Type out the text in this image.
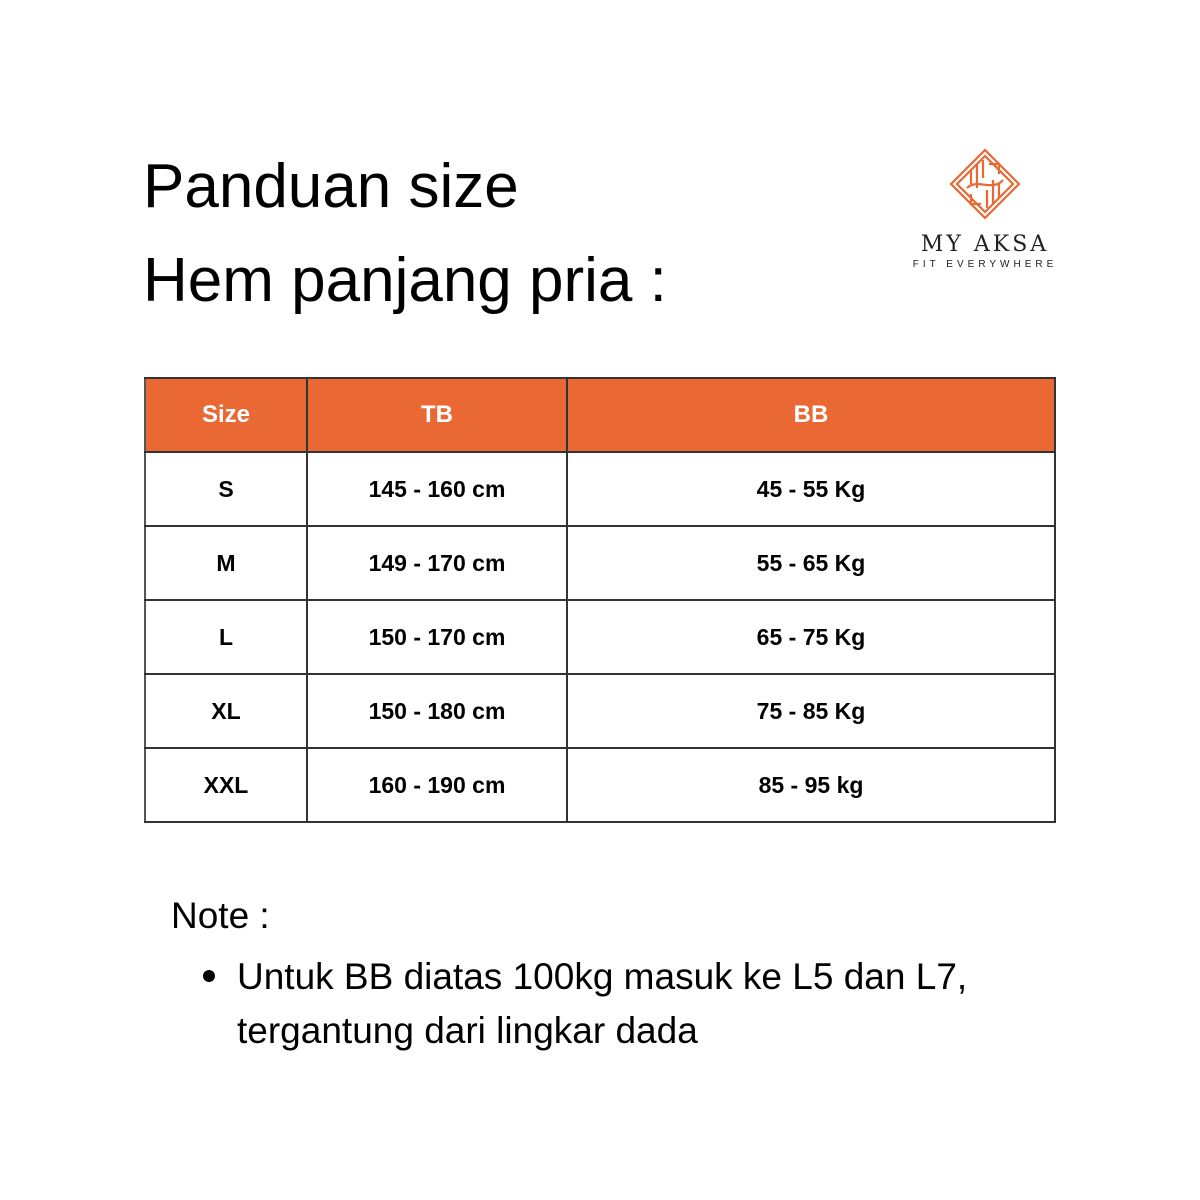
Panduan size
Hem panjang pria :
MY AKSA
FIT EVERYWHERE
Size	TB	BB
S	145 - 160 cm	45 - 55 Kg
M	149 - 170 cm	55 - 65 Kg
L	150 - 170 cm	65 - 75 Kg
XL	150 - 180 cm	75 - 85 Kg
XXL	160 - 190 cm	85 - 95 kg
Note :
Untuk BB diatas 100kg masuk ke L5 dan L7, tergantung dari lingkar dada
